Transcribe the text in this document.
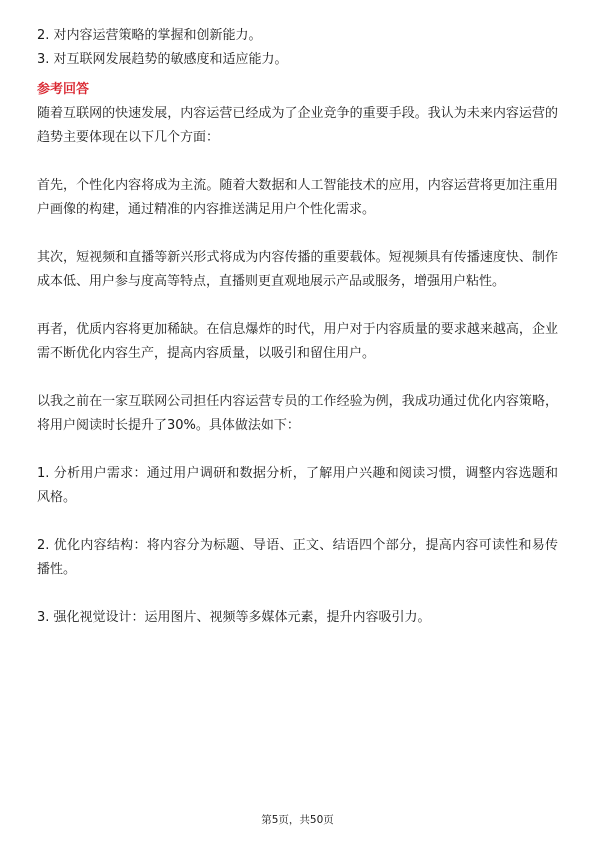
2. 对内容运营策略的掌握和创新能力。

3. 对互联网发展趋势的敏感度和适应能力。

参考回答

随着互联网的快速发展，内容运营已经成为了企业竞争的重要手段。我认为未来内容运营的趋势主要体现在以下几个方面：

首先，个性化内容将成为主流。随着大数据和人工智能技术的应用，内容运营将更加注重用户画像的构建，通过精准的内容推送满足用户个性化需求。

其次，短视频和直播等新兴形式将成为内容传播的重要载体。短视频具有传播速度快、制作成本低、用户参与度高等特点，直播则更直观地展示产品或服务，增强用户粘性。

再者，优质内容将更加稀缺。在信息爆炸的时代，用户对于内容质量的要求越来越高，企业需不断优化内容生产，提高内容质量，以吸引和留住用户。

以我之前在一家互联网公司担任内容运营专员的工作经验为例，我成功通过优化内容策略，将用户阅读时长提升了30%。具体做法如下：

1. 分析用户需求：通过用户调研和数据分析，了解用户兴趣和阅读习惯，调整内容选题和风格。

2. 优化内容结构：将内容分为标题、导语、正文、结语四个部分，提高内容可读性和易传播性。

3. 强化视觉设计：运用图片、视频等多媒体元素，提升内容吸引力。

第5页，共50页
